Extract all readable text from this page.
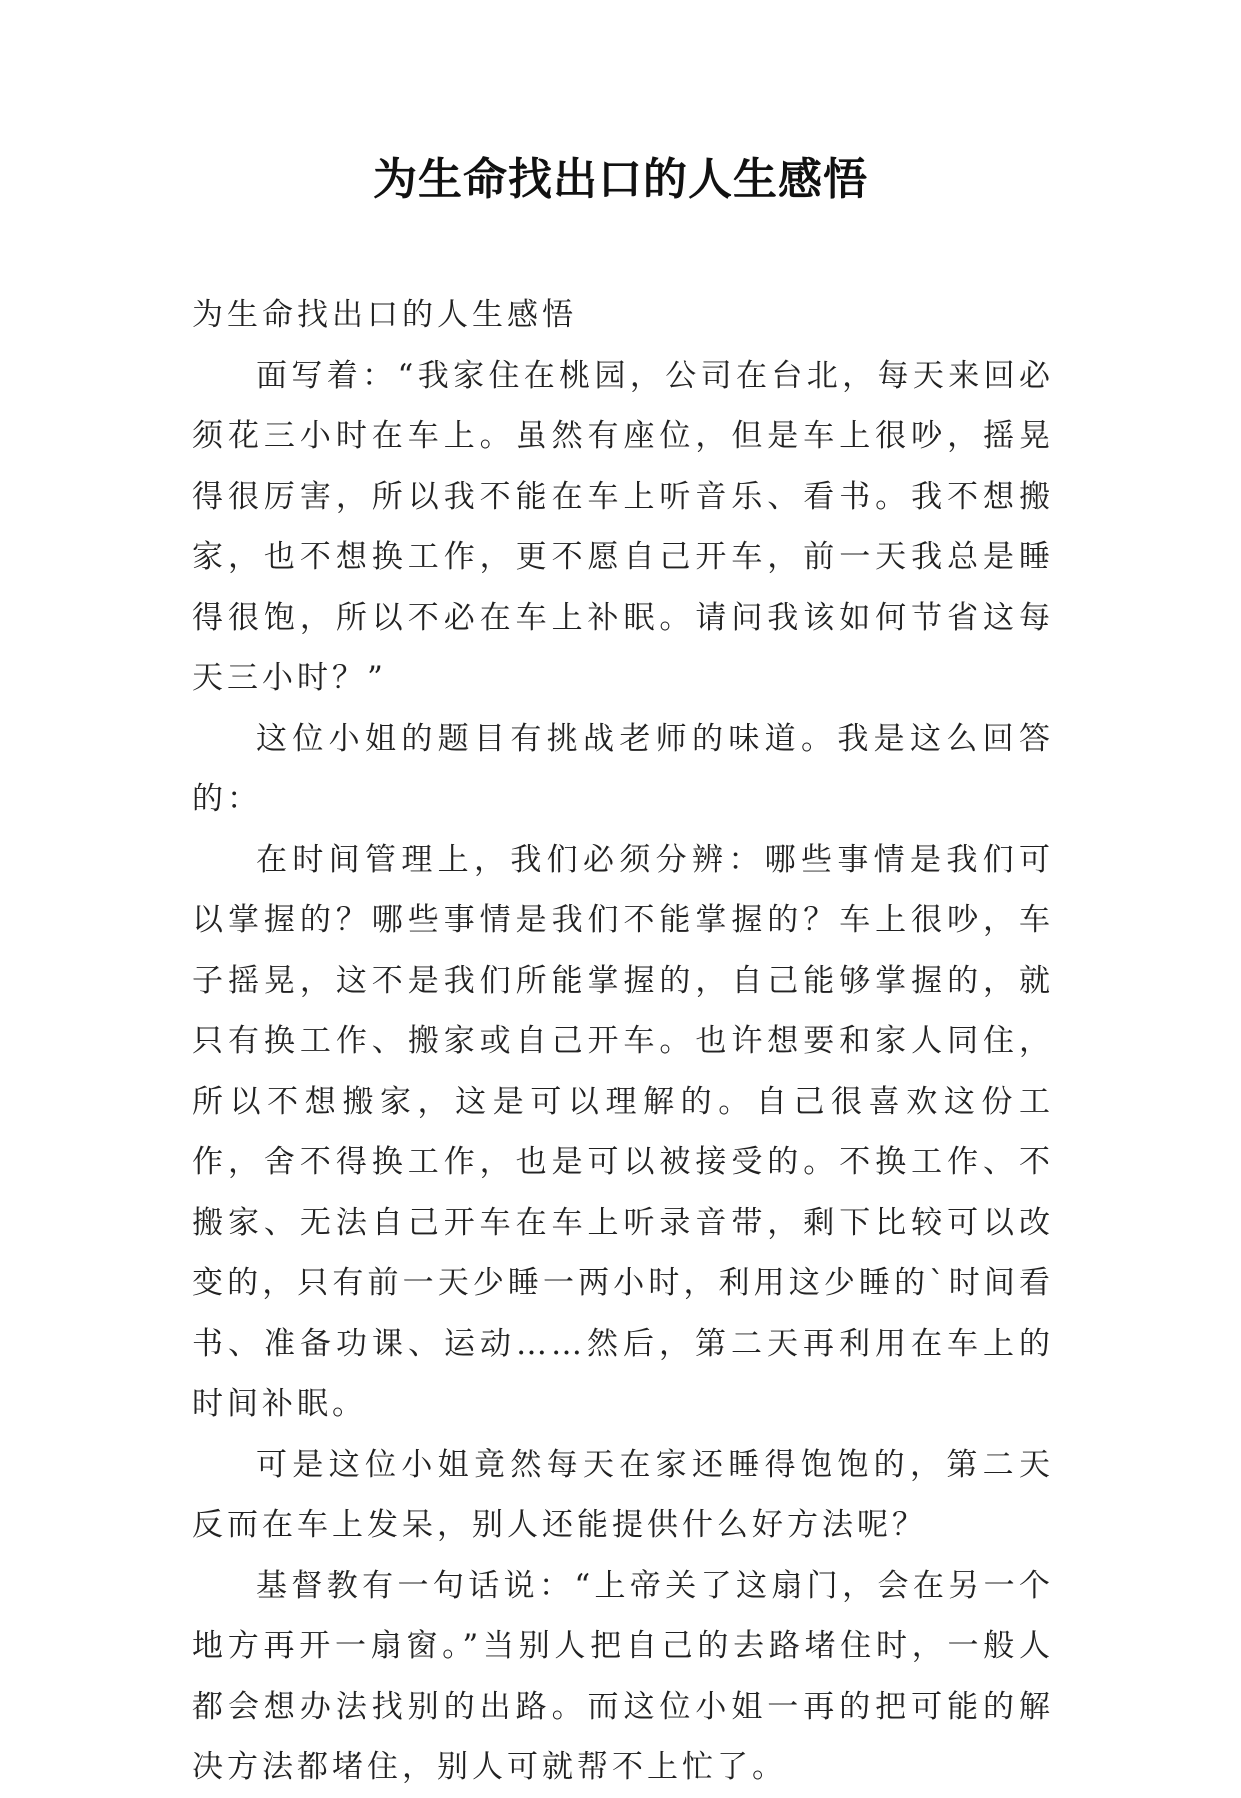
为生命找出口的人生感悟

为生命找出口的人生感悟

面写着：“我家住在桃园，公司在台北，每天来回必须花三小时在车上。虽然有座位，但是车上很吵，摇晃得很厉害，所以我不能在车上听音乐、看书。我不想搬家，也不想换工作，更不愿自己开车，前一天我总是睡得很饱，所以不必在车上补眠。请问我该如何节省这每天三小时？”

这位小姐的题目有挑战老师的味道。我是这么回答的：

在时间管理上，我们必须分辨：哪些事情是我们可以掌握的？哪些事情是我们不能掌握的？车上很吵，车子摇晃，这不是我们所能掌握的，自己能够掌握的，就只有换工作、搬家或自己开车。也许想要和家人同住，所以不想搬家，这是可以理解的。自己很喜欢这份工作，舍不得换工作，也是可以被接受的。不换工作、不搬家、无法自己开车在车上听录音带，剩下比较可以改变的，只有前一天少睡一两小时，利用这少睡的`时间看书、准备功课、运动……然后，第二天再利用在车上的时间补眠。

可是这位小姐竟然每天在家还睡得饱饱的，第二天反而在车上发呆，别人还能提供什么好方法呢？

基督教有一句话说：“上帝关了这扇门，会在另一个地方再开一扇窗。”当别人把自己的去路堵住时，一般人都会想办法找别的出路。而这位小姐一再的把可能的解决方法都堵住，别人可就帮不上忙了。
